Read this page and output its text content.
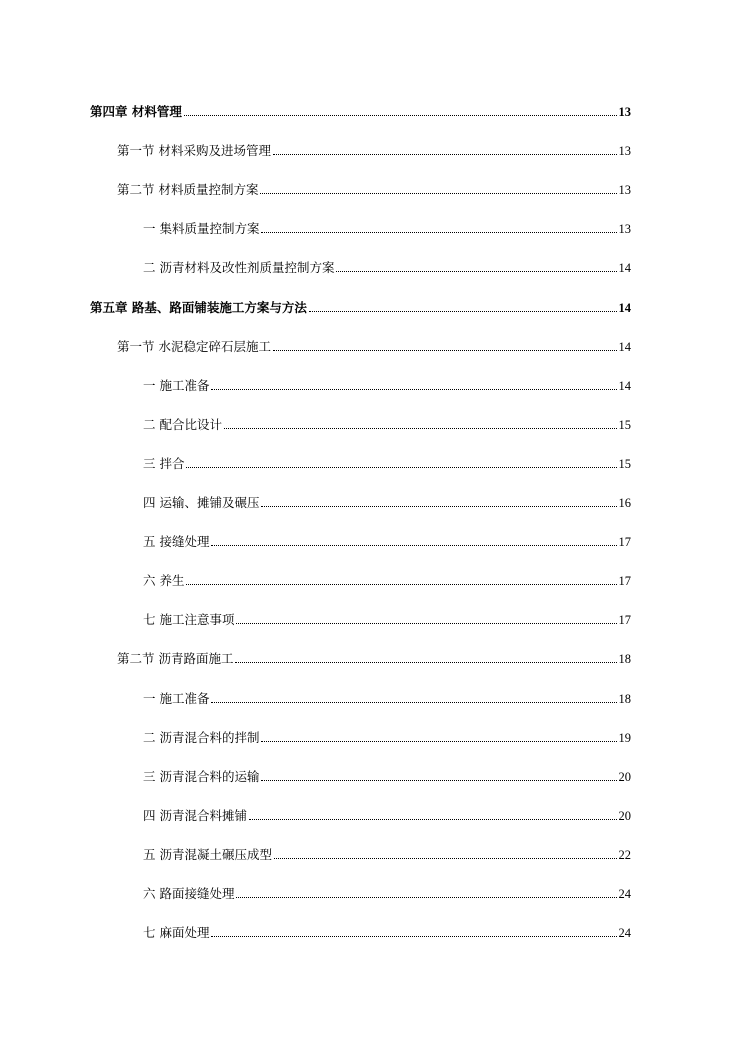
第四章 材料管理	13
第一节 材料采购及进场管理	13
第二节 材料质量控制方案	13
一 集料质量控制方案	13
二 沥青材料及改性剂质量控制方案	14
第五章 路基、路面铺装施工方案与方法	14
第一节 水泥稳定碎石层施工	14
一 施工准备	14
二 配合比设计	15
三 拌合	15
四 运输、摊铺及碾压	16
五 接缝处理	17
六 养生	17
七 施工注意事项	17
第二节 沥青路面施工	18
一 施工准备	18
二 沥青混合料的拌制	19
三 沥青混合料的运输	20
四 沥青混合料摊铺	20
五 沥青混凝土碾压成型	22
六 路面接缝处理	24
七 麻面处理	24
